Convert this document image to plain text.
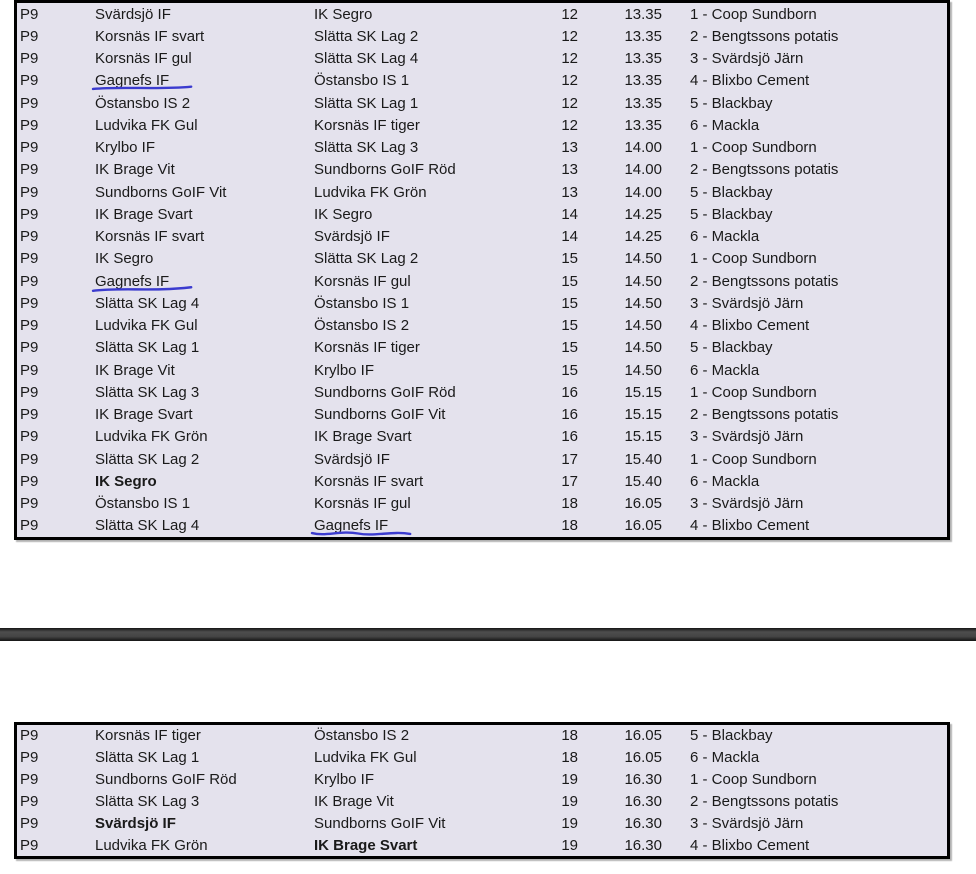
P9	Svärdsjö IF	IK Segro	12	13.35	1 - Coop Sundborn
P9	Korsnäs IF svart	Slätta SK Lag 2	12	13.35	2 - Bengtssons potatis
P9	Korsnäs IF gul	Slätta SK Lag 4	12	13.35	3 - Svärdsjö Järn
P9	Gagnefs IF	Östansbo IS 1	12	13.35	4 - Blixbo Cement
P9	Östansbo IS 2	Slätta SK Lag 1	12	13.35	5 - Blackbay
P9	Ludvika FK Gul	Korsnäs IF tiger	12	13.35	6 - Mackla
P9	Krylbo IF	Slätta SK Lag 3	13	14.00	1 - Coop Sundborn
P9	IK Brage Vit	Sundborns GoIF Röd	13	14.00	2 - Bengtssons potatis
P9	Sundborns GoIF Vit	Ludvika FK Grön	13	14.00	5 - Blackbay
P9	IK Brage Svart	IK Segro	14	14.25	5 - Blackbay
P9	Korsnäs IF svart	Svärdsjö IF	14	14.25	6 - Mackla
P9	IK Segro	Slätta SK Lag 2	15	14.50	1 - Coop Sundborn
P9	Gagnefs IF	Korsnäs IF gul	15	14.50	2 - Bengtssons potatis
P9	Slätta SK Lag 4	Östansbo IS 1	15	14.50	3 - Svärdsjö Järn
P9	Ludvika FK Gul	Östansbo IS 2	15	14.50	4 - Blixbo Cement
P9	Slätta SK Lag 1	Korsnäs IF tiger	15	14.50	5 - Blackbay
P9	IK Brage Vit	Krylbo IF	15	14.50	6 - Mackla
P9	Slätta SK Lag 3	Sundborns GoIF Röd	16	15.15	1 - Coop Sundborn
P9	IK Brage Svart	Sundborns GoIF Vit	16	15.15	2 - Bengtssons potatis
P9	Ludvika FK Grön	IK Brage Svart	16	15.15	3 - Svärdsjö Järn
P9	Slätta SK Lag 2	Svärdsjö IF	17	15.40	1 - Coop Sundborn
P9	IK Segro	Korsnäs IF svart	17	15.40	6 - Mackla
P9	Östansbo IS 1	Korsnäs IF gul	18	16.05	3 - Svärdsjö Järn
P9	Slätta SK Lag 4	Gagnefs IF	18	16.05	4 - Blixbo Cement
P9	Korsnäs IF tiger	Östansbo IS 2	18	16.05	5 - Blackbay
P9	Slätta SK Lag 1	Ludvika FK Gul	18	16.05	6 - Mackla
P9	Sundborns GoIF Röd	Krylbo IF	19	16.30	1 - Coop Sundborn
P9	Slätta SK Lag 3	IK Brage Vit	19	16.30	2 - Bengtssons potatis
P9	Svärdsjö IF	Sundborns GoIF Vit	19	16.30	3 - Svärdsjö Järn
P9	Ludvika FK Grön	IK Brage Svart	19	16.30	4 - Blixbo Cement
